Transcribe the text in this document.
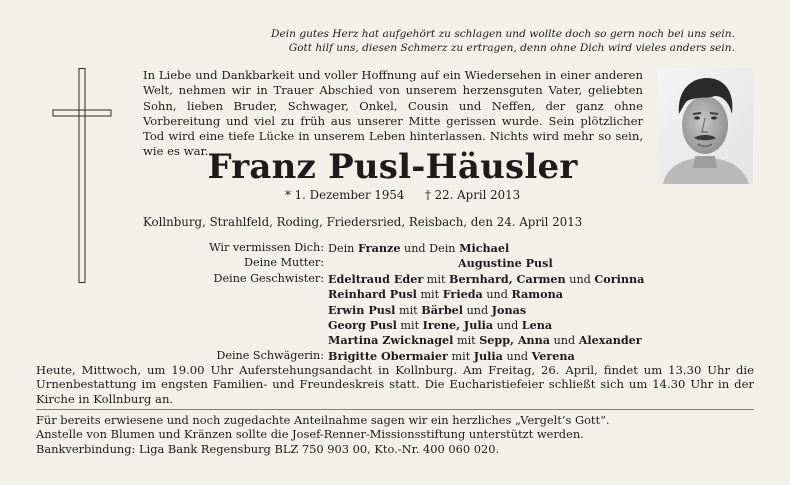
Dein gutes Herz hat aufgehört zu schlagen und wollte doch so gern noch bei uns sein.
Gott hilf uns, diesen Schmerz zu ertragen, denn ohne Dich wird vieles anders sein.
In Liebe und Dankbarkeit und voller Hoffnung auf ein Wiedersehen in einer anderen Welt, nehmen wir in Trauer Abschied von unserem herzensguten Vater, geliebten Sohn, lieben Bruder, Schwager, Onkel, Cousin und Neffen, der ganz ohne Vorbereitung und viel zu früh aus unserer Mitte gerissen wurde. Sein plötzlicher Tod wird eine tiefe Lücke in unserem Leben hinterlassen. Nichts wird mehr so sein, wie es war. Franz Pusl-Häusler
* 1. Dezember 1954 † 22. April 2013
Kollnburg, Strahlfeld, Roding, Friedersried, Reisbach, den 24. April 2013
Wir vermissen Dich: Dein Franze und Dein Michael
Deine Mutter:	Augustine Pusl
Deine Geschwister: Edeltraud Eder mit Bernhard, Carmen und Corinna
Reinhard Pusl mit Frieda und Ramona
Erwin Pusl mit Bärbel und Jonas
Georg Pusl mit Irene, Julia und Lena
Martina Zwicknagel mit Sepp, Anna und Alexander
Deine Schwägerin: Brigitte Obermaier mit Julia und Verena
Heute, Mittwoch, um 19.00 Uhr Auferstehungsandacht in Kollnburg. Am Freitag, 26. April, findet um 13.30 Uhr die Urnenbestattung im engsten Familien- und Freundeskreis statt. Die Eucharistiefeier schließt sich um 14.30 Uhr in der Kirche in Kollnburg an.
Für bereits erwiesene und noch zugedachte Anteilnahme sagen wir ein herzliches „Vergelt’s Gott“.
Anstelle von Blumen und Kränzen sollte die Josef-Renner-Missionsstiftung unterstützt werden.
Bankverbindung: Liga Bank Regensburg BLZ 750 903 00, Kto.-Nr. 400 060 020.
